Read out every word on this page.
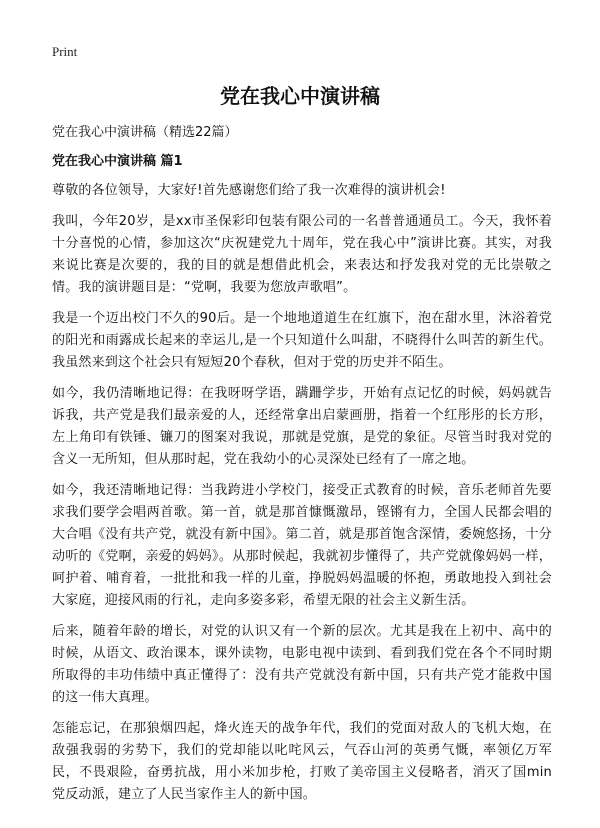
Print
党在我心中演讲稿

党在我心中演讲稿（精选22篇）

党在我心中演讲稿 篇1

尊敬的各位领导，大家好!首先感谢您们给了我一次难得的演讲机会!

我叫，今年20岁，是xx市圣保彩印包装有限公司的一名普普通通员工。今天，我怀着十分喜悦的心情，参加这次“庆祝建党九十周年，党在我心中”演讲比赛。其实，对我来说比赛是次要的，我的目的就是想借此机会，来表达和抒发我对党的无比崇敬之情。我的演讲题目是：“党啊，我要为您放声歌唱”。

我是一个迈出校门不久的90后。是一个地地道道生在红旗下，泡在甜水里，沐浴着党的阳光和雨露成长起来的幸运儿,是一个只知道什么叫甜，不晓得什么叫苦的新生代。我虽然来到这个社会只有短短20个春秋，但对于党的历史并不陌生。

如今，我仍清晰地记得：在我呀呀学语，蹒跚学步，开始有点记忆的时候，妈妈就告诉我，共产党是我们最亲爱的人，还经常拿出启蒙画册，指着一个红彤彤的长方形，左上角印有铁锤、镰刀的图案对我说，那就是党旗，是党的象征。尽管当时我对党的含义一无所知，但从那时起，党在我幼小的心灵深处已经有了一席之地。

如今，我还清晰地记得：当我跨进小学校门，接受正式教育的时候，音乐老师首先要求我们要学会唱两首歌。第一首，就是那首慷慨激昂，铿锵有力，全国人民都会唱的大合唱《没有共产党，就没有新中国》。第二首，就是那首饱含深情，委婉悠扬，十分动听的《党啊，亲爱的妈妈》。从那时候起，我就初步懂得了，共产党就像妈妈一样，呵护着、哺育着，一批批和我一样的儿童，挣脱妈妈温暖的怀抱，勇敢地投入到社会大家庭，迎接风雨的行礼，走向多姿多彩，希望无限的社会主义新生活。

后来，随着年龄的增长，对党的认识又有一个新的层次。尤其是我在上初中、高中的时候，从语文、政治课本，课外读物，电影电视中读到、看到我们党在各个不同时期所取得的丰功伟绩中真正懂得了：没有共产党就没有新中国，只有共产党才能救中国的这一伟大真理。

怎能忘记，在那狼烟四起，烽火连天的战争年代，我们的党面对敌人的飞机大炮，在敌强我弱的劣势下，我们的党却能以叱咤风云，气吞山河的英勇气慨，率领亿万军民，不畏艰险，奋勇抗战，用小米加步枪，打败了美帝国主义侵略者，消灭了国min党反动派，建立了人民当家作主人的新中国。
